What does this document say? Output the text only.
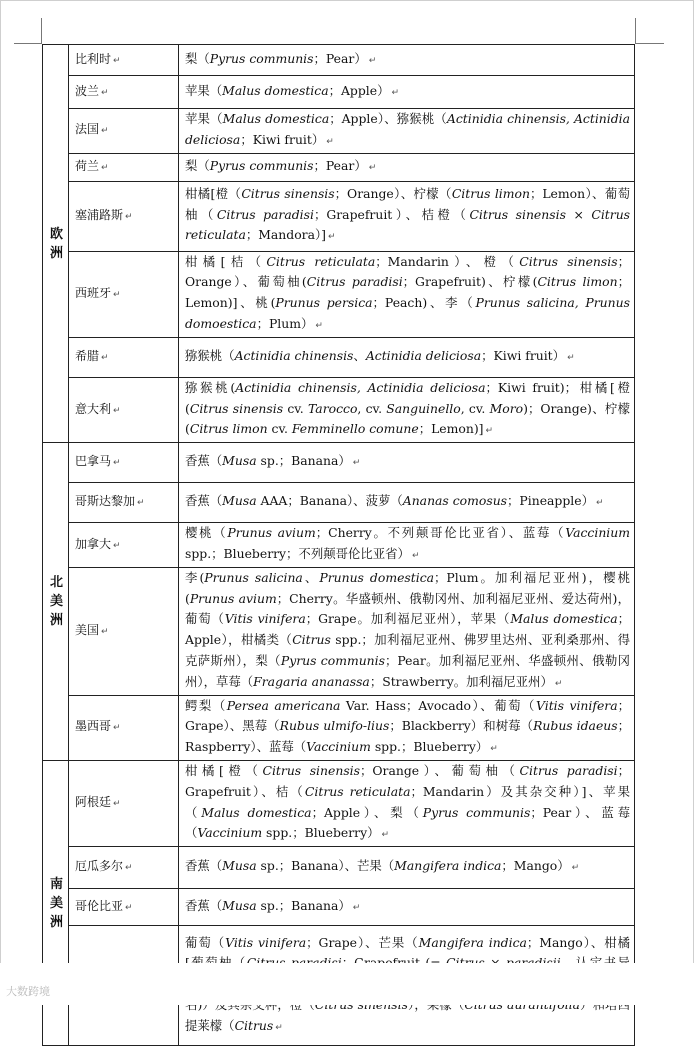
欧洲	比利时 ↵	梨（Pyrus communis；Pear） ↵
	波兰 ↵	苹果（Malus domestica；Apple） ↵
	法国 ↵	苹果（Malus domestica；Apple）、猕猴桃（Actinidia chinensis, Actinidia deliciosa；Kiwi fruit） ↵
	荷兰 ↵	梨（Pyrus communis；Pear） ↵
	塞浦路斯 ↵	柑橘[橙（Citrus sinensis；Orange）、柠檬（Citrus limon；Lemon）、葡萄柚（Citrus paradisi；Grapefruit）、桔橙（Citrus sinensis × Citrus reticulata；Mandora）] ↵
	西班牙 ↵	柑橘[桔（Citrus reticulata；Mandarin）、橙（Citrus sinensis；Orange）、葡萄柚(Citrus paradisi；Grapefruit)、柠檬(Citrus limon；Lemon)]、桃(Prunus persica；Peach)、李（Prunus salicina, Prunus domoestica；Plum） ↵
	希腊 ↵	猕猴桃（Actinidia chinensis、Actinidia deliciosa；Kiwi fruit） ↵
	意大利 ↵	猕猴桃(Actinidia chinensis, Actinidia deliciosa；Kiwi fruit)；柑橘[橙(Citrus sinensis cv. Tarocco, cv. Sanguinello, cv. Moro)；Orange)、柠檬(Citrus limon cv. Femminello comune；Lemon)] ↵
北美洲	巴拿马 ↵	香蕉（Musa sp.；Banana） ↵
	哥斯达黎加 ↵	香蕉（Musa AAA；Banana）、菠萝（Ananas comosus；Pineapple） ↵
	加拿大 ↵	樱桃（Prunus avium；Cherry。不列颠哥伦比亚省）、蓝莓（Vaccinium spp.；Blueberry；不列颠哥伦比亚省） ↵
	美国 ↵	李(Prunus salicina、Prunus domestica；Plum。加利福尼亚州)，樱桃(Prunus avium；Cherry。华盛顿州、俄勒冈州、加利福尼亚州、爱达荷州)，葡萄（Vitis vinifera；Grape。加利福尼亚州），苹果（Malus domestica；Apple），柑橘类（Citrus spp.；加利福尼亚州、佛罗里达州、亚利桑那州、得克萨斯州），梨（Pyrus communis；Pear。加利福尼亚州、华盛顿州、俄勒冈州），草莓（Fragaria ananassa；Strawberry。加利福尼亚州） ↵
	墨西哥 ↵	鳄梨（Persea americana Var. Hass；Avocado）、葡萄（Vitis vinifera；Grape）、黑莓（Rubus ulmifo-lius；Blackberry）和树莓（Rubus idaeus；Raspberry）、蓝莓（Vaccinium spp.；Blueberry） ↵
南美洲	阿根廷 ↵	柑橘[橙（Citrus sinensis；Orange）、葡萄柚（Citrus paradisi；Grapefruit）、桔（Citrus reticulata；Mandarin）及其杂交种）]、苹果（Malus domestica；Apple）、梨（Pyrus communis；Pear）、蓝莓（Vaccinium spp.；Blueberry） ↵
	厄瓜多尔 ↵	香蕉（Musa sp.；Banana）、芒果（Mangifera indica；Mango） ↵
	哥伦比亚 ↵	香蕉（Musa sp.；Banana） ↵
	葡萄（Vitis vinifera；Grape）、芒果（Mangifera indica；Mango）、柑橘 提莱檬（Citrus ↵
大数跨境
